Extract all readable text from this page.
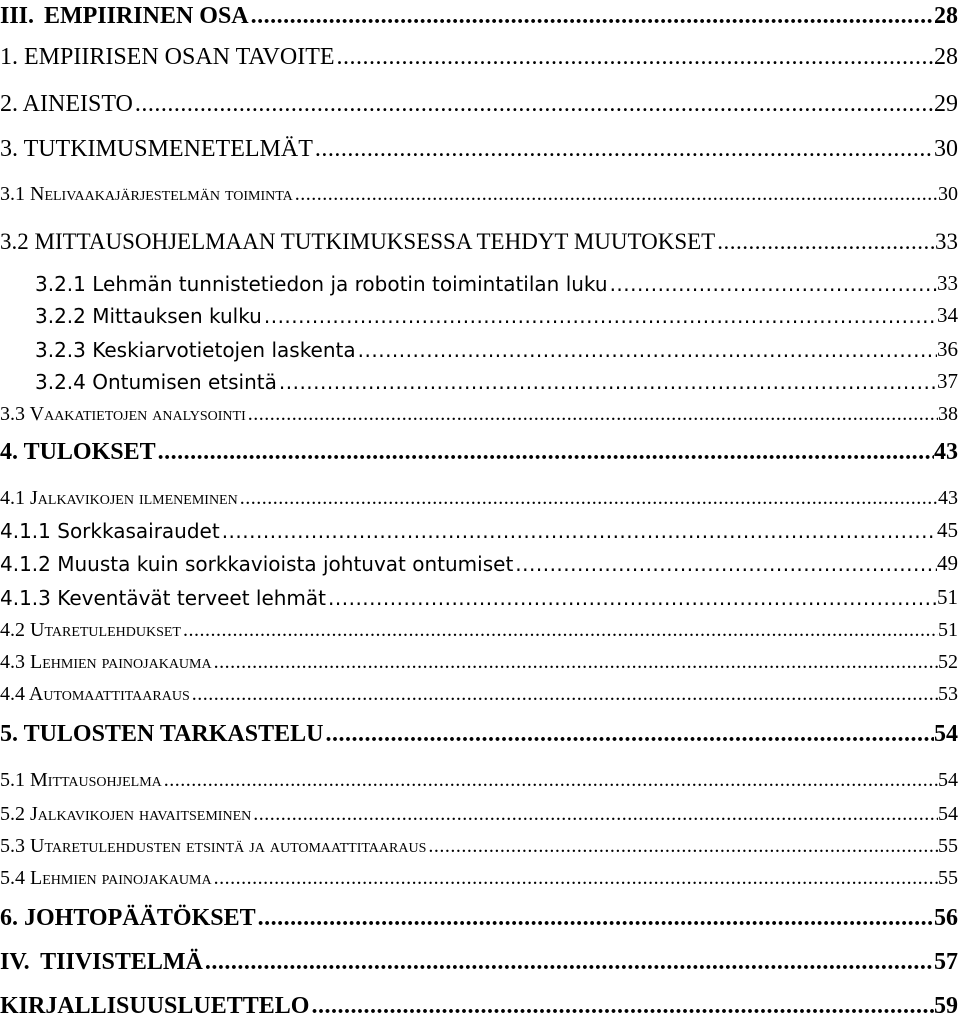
III. EMPIIRINEN OSA .....	28
1. EMPIIRISEN OSAN TAVOITE .....	28
2. AINEISTO .....	29
3. TUTKIMUSMENETELMÄT .....	30
3.1 Nelivaakajärjestelmän toiminta .....	30
3.2 MITTAUSOHJELMAAN TUTKIMUKSESSA TEHDYT MUUTOKSET .....	33
3.2.1 Lehmän tunnistetiedon ja robotin toimintatilan luku .....	33
3.2.2 Mittauksen kulku .....	34
3.2.3 Keskiarvotietojen laskenta .....	36
3.2.4 Ontumisen etsintä .....	37
3.3 Vaakatietojen analysointi .....	38
4. TULOKSET .....	43
4.1 Jalkavikojen ilmeneminen .....	43
4.1.1 Sorkkasairaudet .....	45
4.1.2 Muusta kuin sorkkavioista johtuvat ontumiset .....	49
4.1.3 Keventävät terveet lehmät .....	51
4.2 Utaretulehdukset .....	51
4.3 Lehmien painojakauma .....	52
4.4 Automaattitaaraus .....	53
5. TULOSTEN TARKASTELU .....	54
5.1 Mittausohjelma .....	54
5.2 Jalkavikojen havaitseminen .....	54
5.3 Utaretulehdusten etsintä ja automaattitaaraus .....	55
5.4 Lehmien painojakauma .....	55
6. JOHTOPÄÄTÖKSET .....	56
IV. TIIVISTELMÄ .....	57
KIRJALLISUUSLUETTELO .....	59
